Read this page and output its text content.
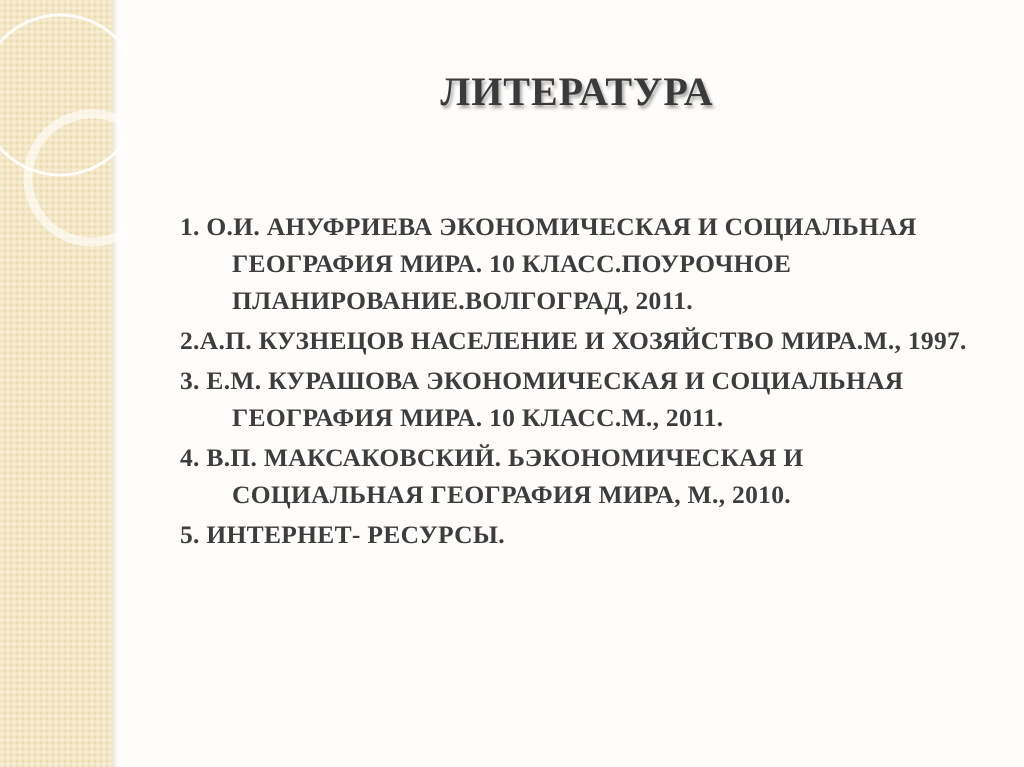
ЛИТЕРАТУРА
1. О.И. АНУФРИЕВА ЭКОНОМИЧЕСКАЯ И СОЦИАЛЬНАЯ ГЕОГРАФИЯ МИРА. 10 КЛАСС.ПОУРОЧНОЕ ПЛАНИРОВАНИЕ.ВОЛГОГРАД, 2011.
2.А.П. КУЗНЕЦОВ НАСЕЛЕНИЕ И ХОЗЯЙСТВО МИРА.М., 1997.
3. Е.М. КУРАШОВА ЭКОНОМИЧЕСКАЯ И СОЦИАЛЬНАЯ ГЕОГРАФИЯ МИРА. 10 КЛАСС.М., 2011.
4. В.П. МАКСАКОВСКИЙ. ЬЭКОНОМИЧЕСКАЯ И СОЦИАЛЬНАЯ ГЕОГРАФИЯ МИРА, М., 2010.
5. ИНТЕРНЕТ- РЕСУРСЫ.
